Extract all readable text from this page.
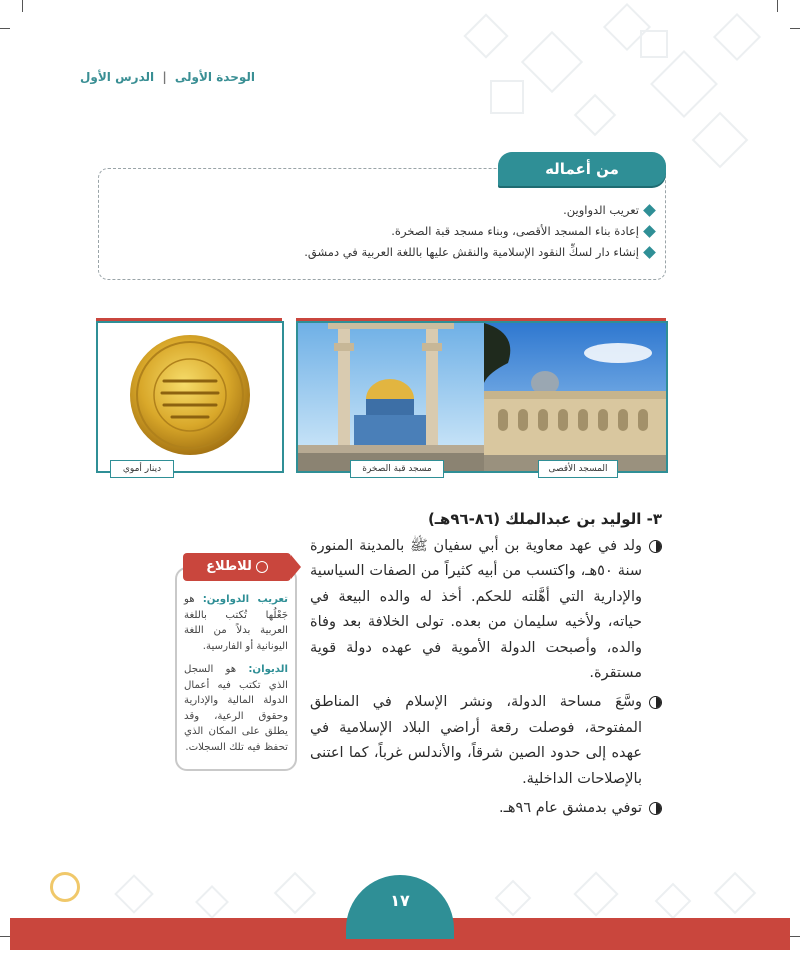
الوحدة الأولى | الدرس الأول
من أعماله
تعريب الدواوين.
إعادة بناء المسجد الأقصى، وبناء مسجد قبة الصخرة.
إنشاء دار لسكِّ النقود الإسلامية والنقش عليها باللغة العربية في دمشق.
دينار أموي	مسجد قبة الصخرة	المسجد الأقصى
٣- الوليد بن عبدالملك (٨٦-٩٦هـ)
ولد في عهد معاوية بن أبي سفيان ﷺ بالمدينة المنورة سنة ٥٠هـ، واكتسب من أبيه كثيراً من الصفات السياسية والإدارية التي أهَّلته للحكم. أخذ له والده البيعة في حياته، ولأخيه سليمان من بعده. تولى الخلافة بعد وفاة والده، وأصبحت الدولة الأموية في عهده دولة قوية مستقرة.
وسَّعَ مساحة الدولة، ونشر الإسلام في المناطق المفتوحة، فوصلت رقعة أراضي البلاد الإسلامية في عهده إلى حدود الصين شرقاً، والأندلس غرباً، كما اعتنى بالإصلاحات الداخلية.
توفي بدمشق عام ٩٦هـ.
للاطلاع

تعريب الدواوين: هو جَعْلُها تُكتب باللغة العربية بدلاً من اللغة اليونانية أو الفارسية.

الديوان: هو السجل الذي تكتب فيه أعمال الدولة المالية والإدارية وحقوق الرعية، وقد يطلق على المكان الذي تحفظ فيه تلك السجلات.

١٧
